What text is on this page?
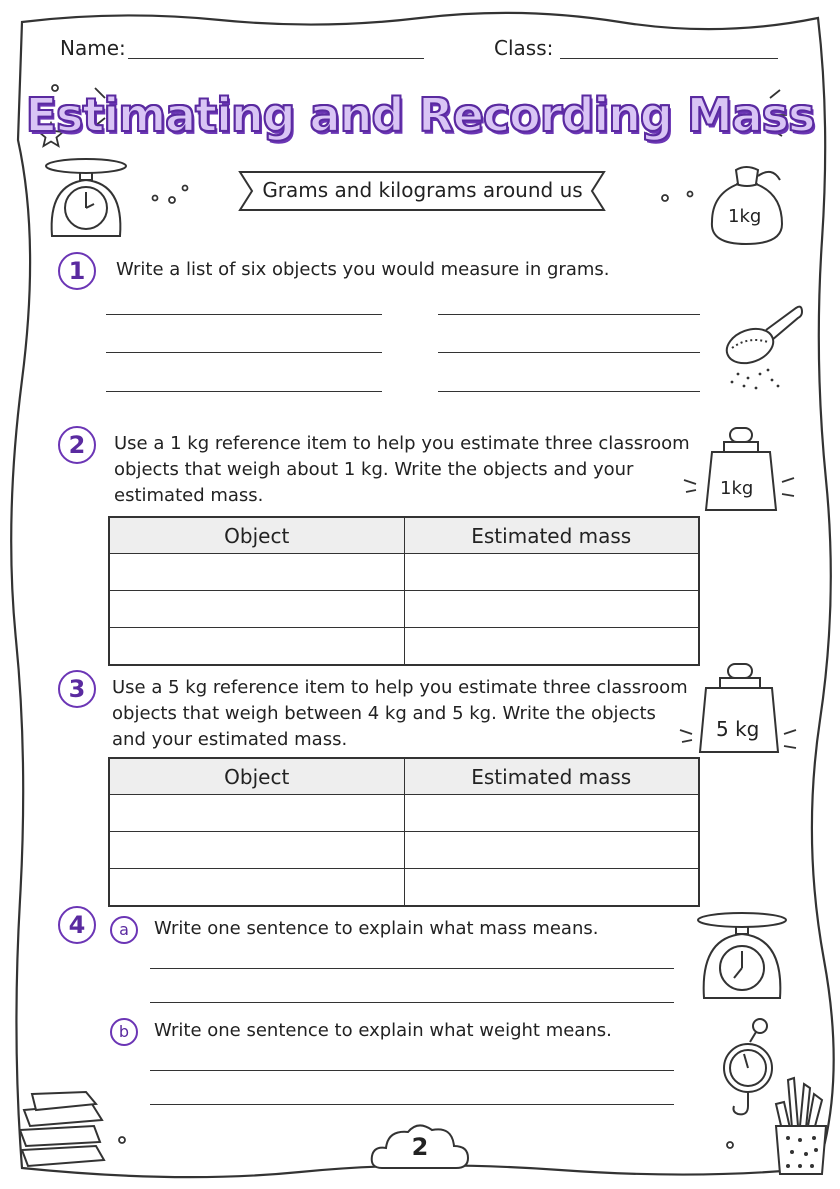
Name:	Class:
Estimating and Recording Mass
Grams and kilograms around us
1kg
1	Write a list of six objects you would measure in grams.
2	Use a 1 kg reference item to help you estimate three classroom objects that weigh about 1 kg. Write the objects and your estimated mass.	1kg
Object	Estimated mass

3	Use a 5 kg reference item to help you estimate three classroom objects that weigh between 4 kg and 5 kg. Write the objects and your estimated mass.	5 kg
Object	Estimated mass

4	a	Write one sentence to explain what mass means.
b	Write one sentence to explain what weight means.
2
